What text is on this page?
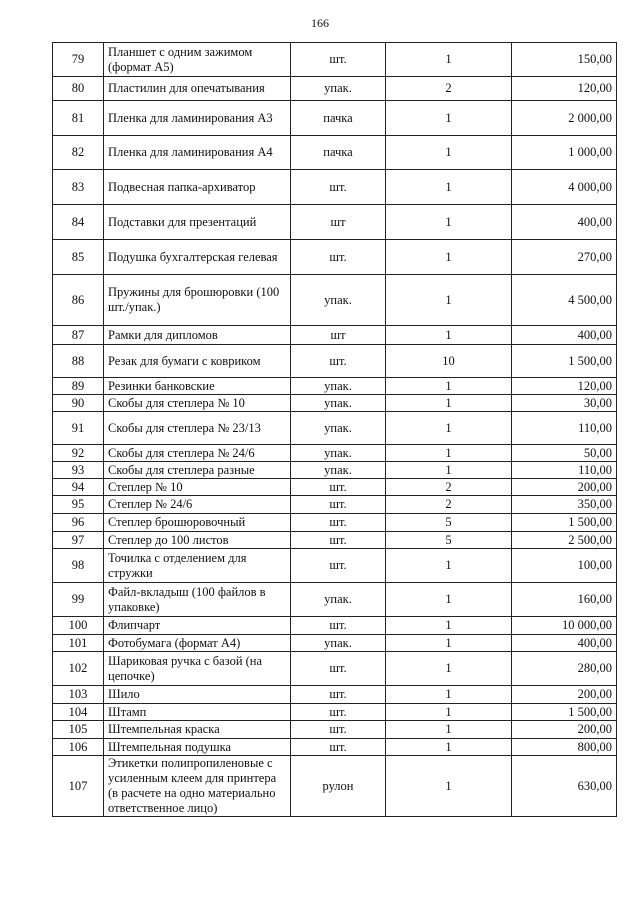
166
79	Планшет с одним зажимом (формат А5)	шт.	1	150,00
80	Пластилин для опечатывания	упак.	2	120,00
81	Пленка для ламинирования А3	пачка	1	2 000,00
82	Пленка для ламинирования А4	пачка	1	1 000,00
83	Подвесная папка-архиватор	шт.	1	4 000,00
84	Подставки для презентаций	шт	1	400,00
85	Подушка бухгалтерская гелевая	шт.	1	270,00
86	Пружины для брошюровки (100 шт./упак.)	упак.	1	4 500,00
87	Рамки для дипломов	шт	1	400,00
88	Резак для бумаги с ковриком	шт.	10	1 500,00
89	Резинки банковские	упак.	1	120,00
90	Скобы для степлера № 10	упак.	1	30,00
91	Скобы для степлера № 23/13	упак.	1	110,00
92	Скобы для степлера № 24/6	упак.	1	50,00
93	Скобы для степлера разные	упак.	1	110,00
94	Степлер № 10	шт.	2	200,00
95	Степлер № 24/6	шт.	2	350,00
96	Степлер брошюровочный	шт.	5	1 500,00
97	Степлер до 100 листов	шт.	5	2 500,00
98	Точилка с отделением для стружки	шт.	1	100,00
99	Файл-вкладыш (100 файлов в упаковке)	упак.	1	160,00
100	Флипчарт	шт.	1	10 000,00
101	Фотобумага (формат А4)	упак.	1	400,00
102	Шариковая ручка с базой (на цепочке)	шт.	1	280,00
103	Шило	шт.	1	200,00
104	Штамп	шт.	1	1 500,00
105	Штемпельная краска	шт.	1	200,00
106	Штемпельная подушка	шт.	1	800,00
107	Этикетки полипропиленовые с усиленным клеем для принтера (в расчете на одно материально ответственное лицо)	рулон	1	630,00
